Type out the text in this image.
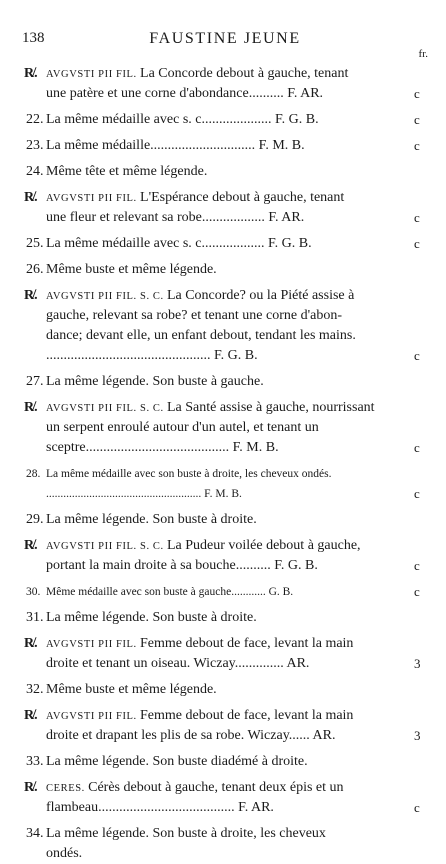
138	FAUSTINE JEUNE
fr.
R̸. AVGVSTI PII FIL. La Concorde debout à gauche, tenant
une patère et une corne d'abondance.......... F. AR.	c
22. La même médaille avec s. c.................... F. G. B.	c
23. La même médaille.............................. F. M. B.	c
24. Même tête et même légende.
R̸. AVGVSTI PII FIL. L'Espérance debout à gauche, tenant
une fleur et relevant sa robe.................. F. AR.	c
25. La même médaille avec s. c.................. F. G. B.	c
26. Même buste et même légende.
R̸. AVGVSTI PII FIL. S. C. La Concorde? ou la Piété assise à
gauche, relevant sa robe? et tenant une corne d'abon-
dance; devant elle, un enfant debout, tendant les mains.
............................................... F. G. B.	c
27. La même légende. Son buste à gauche.
R̸. AVGVSTI PII FIL. S. C. La Santé assise à gauche, nourrissant
un serpent enroulé autour d'un autel, et tenant un
sceptre......................................... F. M. B.	c
28. La même médaille avec son buste à droite, les cheveux ondés.
...................................................... F. M. B.	c
29. La même légende. Son buste à droite.
R̸. AVGVSTI PII FIL. S. C. La Pudeur voilée debout à gauche,
portant la main droite à sa bouche.......... F. G. B.	c
30. Même médaille avec son buste à gauche............ G. B.	c
31. La même légende. Son buste à droite.
R̸. AVGVSTI PII FIL. Femme debout de face, levant la main
droite et tenant un oiseau. Wiczay.............. AR.	3
32. Même buste et même légende.
R̸. AVGVSTI PII FIL. Femme debout de face, levant la main
droite et drapant les plis de sa robe. Wiczay...... AR.	3
33. La même légende. Son buste diadémé à droite.
R̸. CERES. Cérès debout à gauche, tenant deux épis et un
flambeau....................................... F. AR.	c
34. La même légende. Son buste à droite, les cheveux
ondés.
